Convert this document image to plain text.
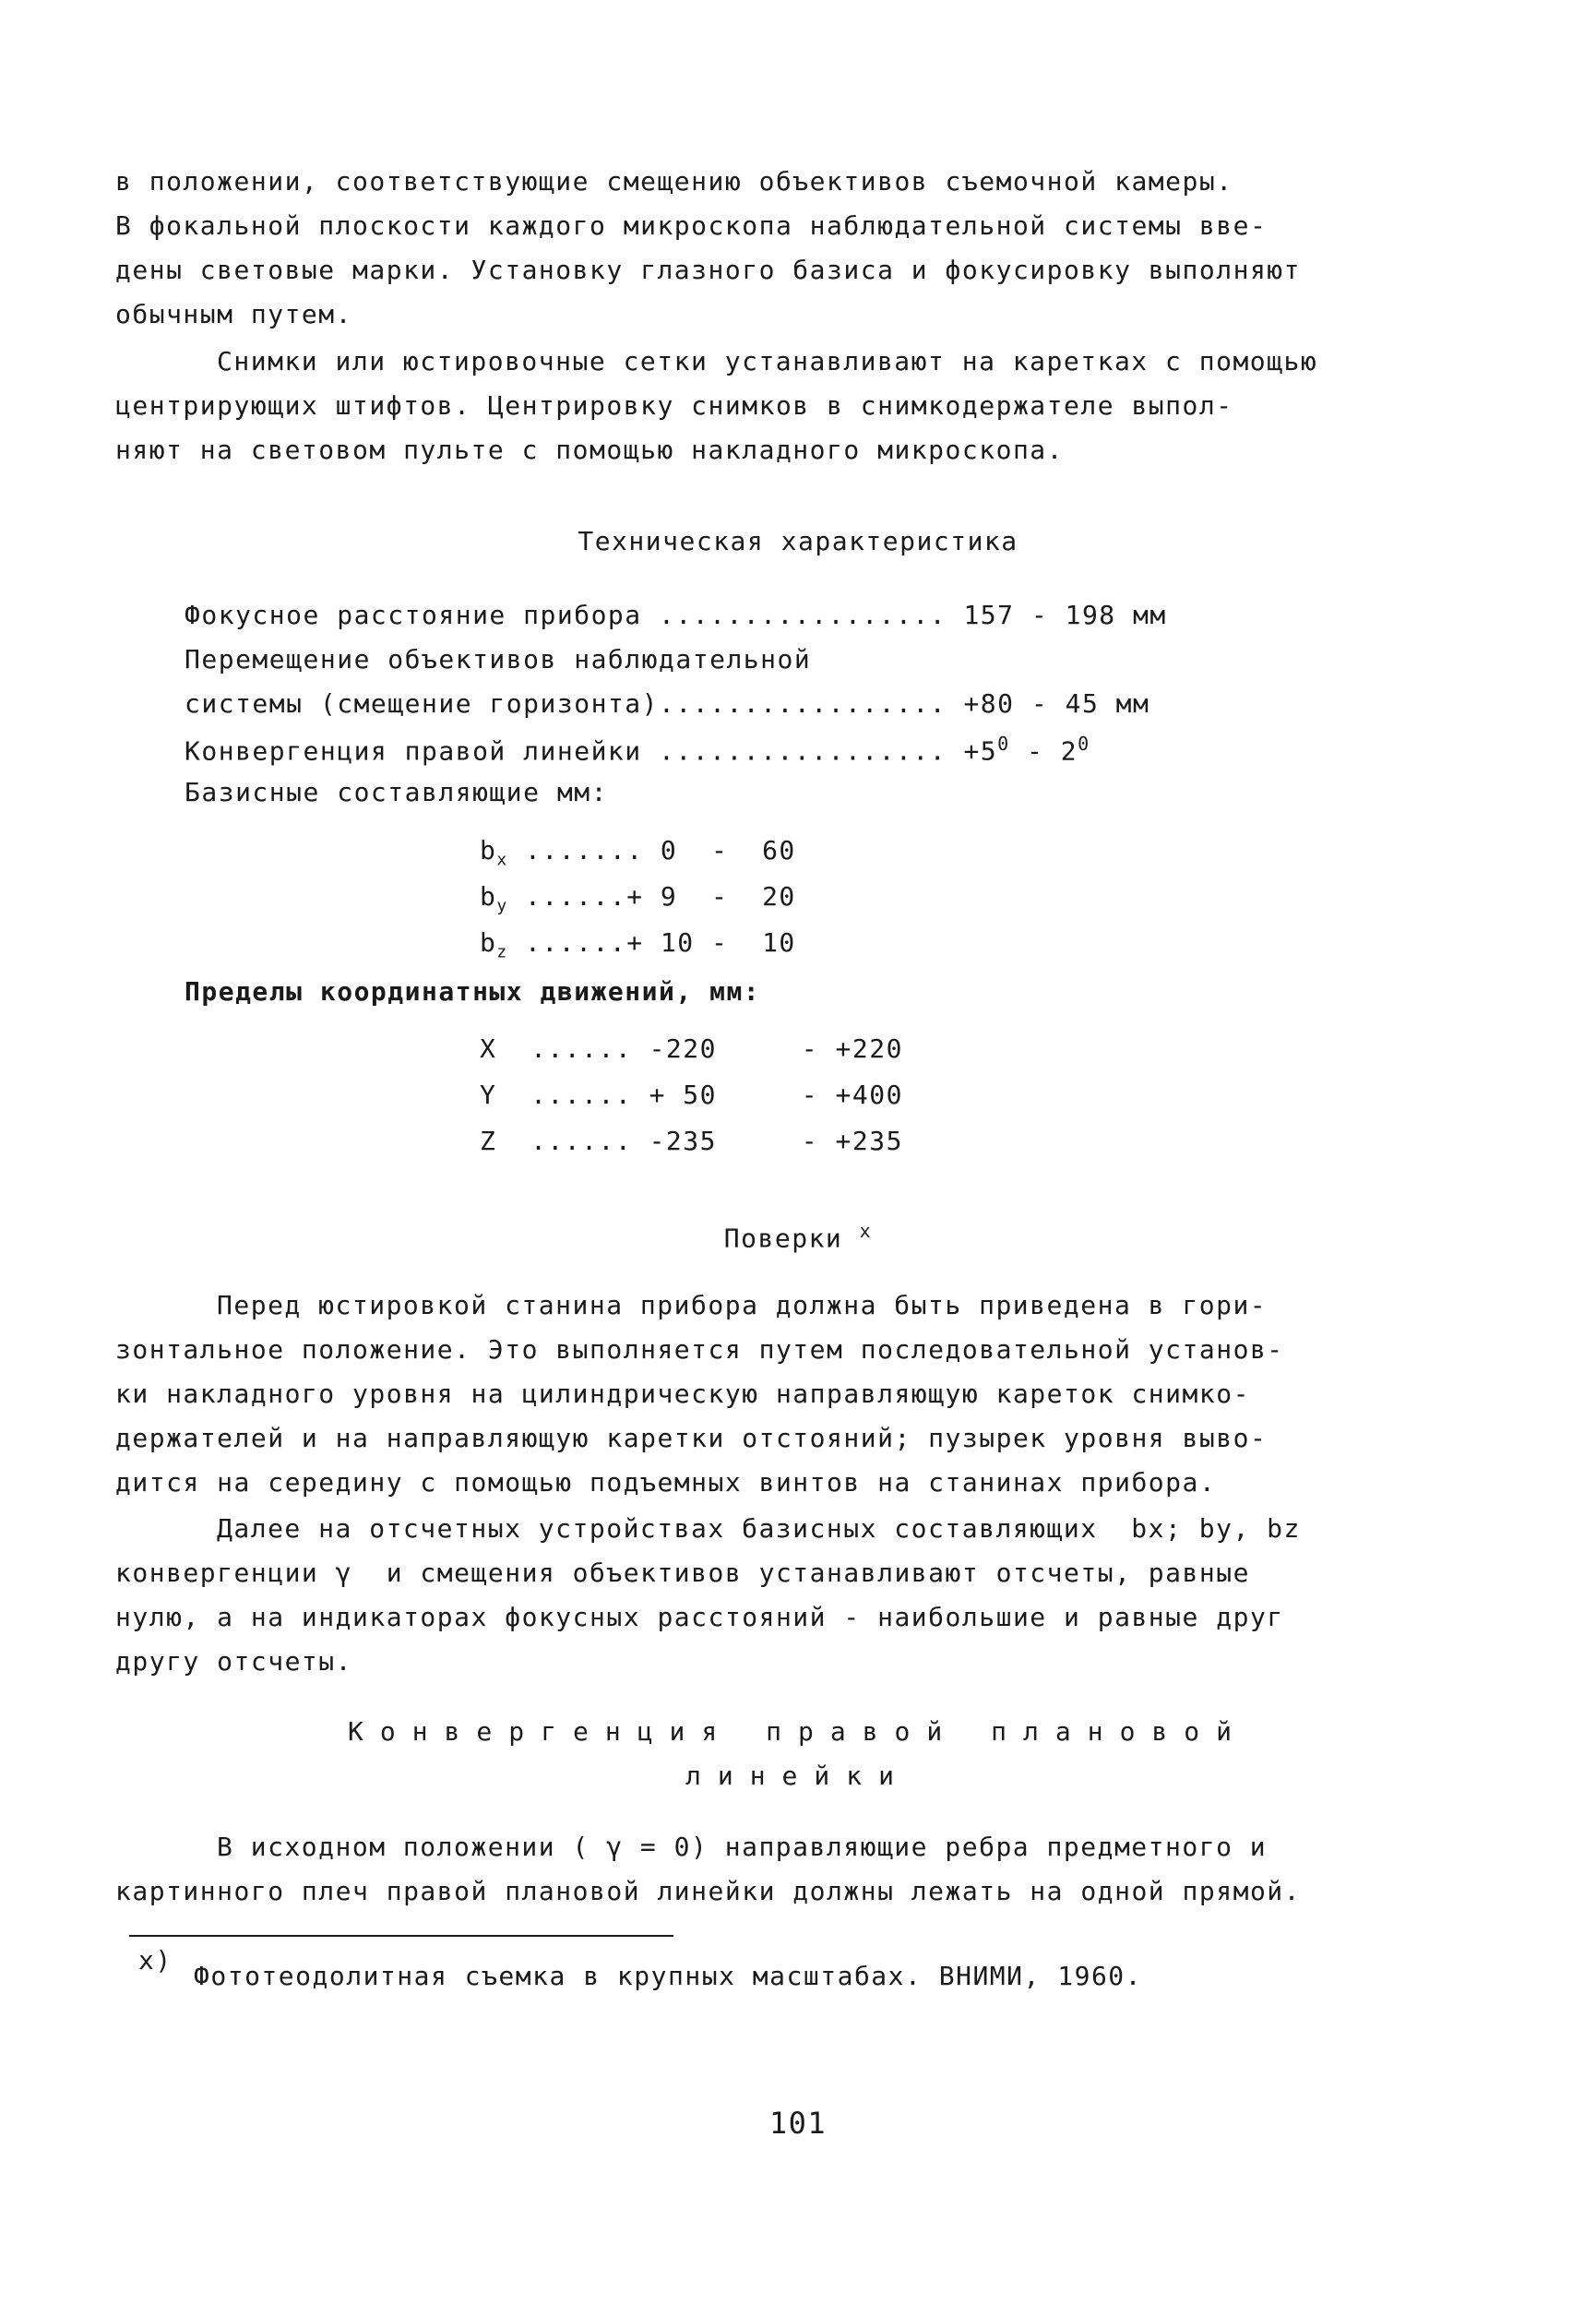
в положении, соответствующие смещению объективов съемочной камеры.
В фокальной плоскости каждого микроскопа наблюдательной системы вве-
дены световые марки. Установку глазного базиса и фокусировку выполняют
обычным путем.
Снимки или юстировочные сетки устанавливают на каретках с помощью
центрирующих штифтов. Центрировку снимков в снимкодержателе выпол-
няют на световом пульте с помощью накладного микроскопа.
Техническая характеристика
Фокусное расстояние прибора ................. 157 - 198 мм
Перемещение объективов наблюдательной
системы (смещение горизонта)................. +80 - 45 мм
Конвергенция правой линейки ................. $+5^0 - 2^0$
Базисные составляющие мм:
$b_x$ ....... 0  -  60
$b_y$ ......+ 9  -  20
$b_z$ ......+ 10 -  10
Пределы координатных движений, мм:
X  ...... -220     - +220
Y  ...... + 50     - +400
Z  ...... -235     - +235
Поверки $^x$
Перед юстировкой станина прибора должна быть приведена в гори-
зонтальное положение. Это выполняется путем последовательной установ-
ки накладного уровня на цилиндрическую направляющую кареток снимко-
держателей и на направляющую каретки отстояний; пузырек уровня выво-
дится на середину с помощью подъемных винтов на станинах прибора.
Далее на отсчетных устройствах базисных составляющих  bx; by, bz
конвергенции γ  и смещения объективов устанавливают отсчеты, равные
нулю, а на индикаторах фокусных расстояний - наибольшие и равные друг
другу отсчеты.
Конвергенция правой плановой
линейки
В исходном положении ( γ = 0) направляющие ребра предметного и
картинного плеч правой плановой линейки должны лежать на одной прямой.
x)
Фототеодолитная съемка в крупных масштабах. ВНИМИ, 1960.
101
